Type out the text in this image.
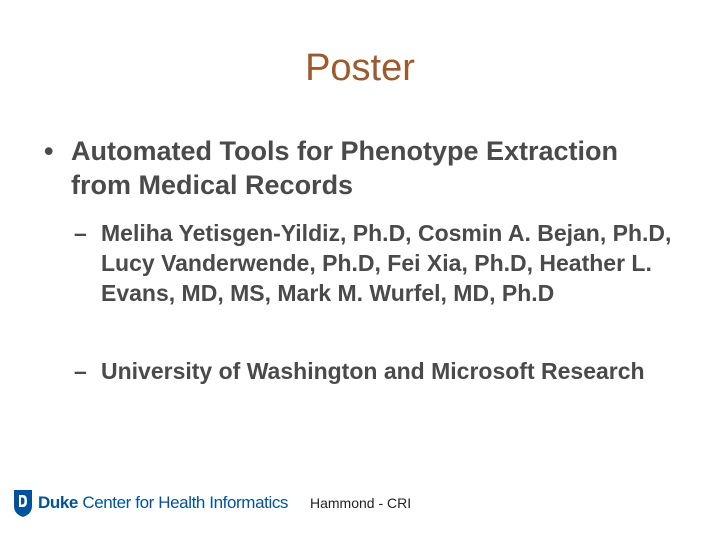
Poster
• Automated Tools for Phenotype Extraction from Medical Records
– Meliha Yetisgen-Yildiz, Ph.D, Cosmin A. Bejan, Ph.D, Lucy Vanderwende, Ph.D, Fei Xia, Ph.D, Heather L. Evans, MD, MS, Mark M. Wurfel, MD, Ph.D
– University of Washington and Microsoft Research
Duke Center for Health Informatics Hammond - CRI
